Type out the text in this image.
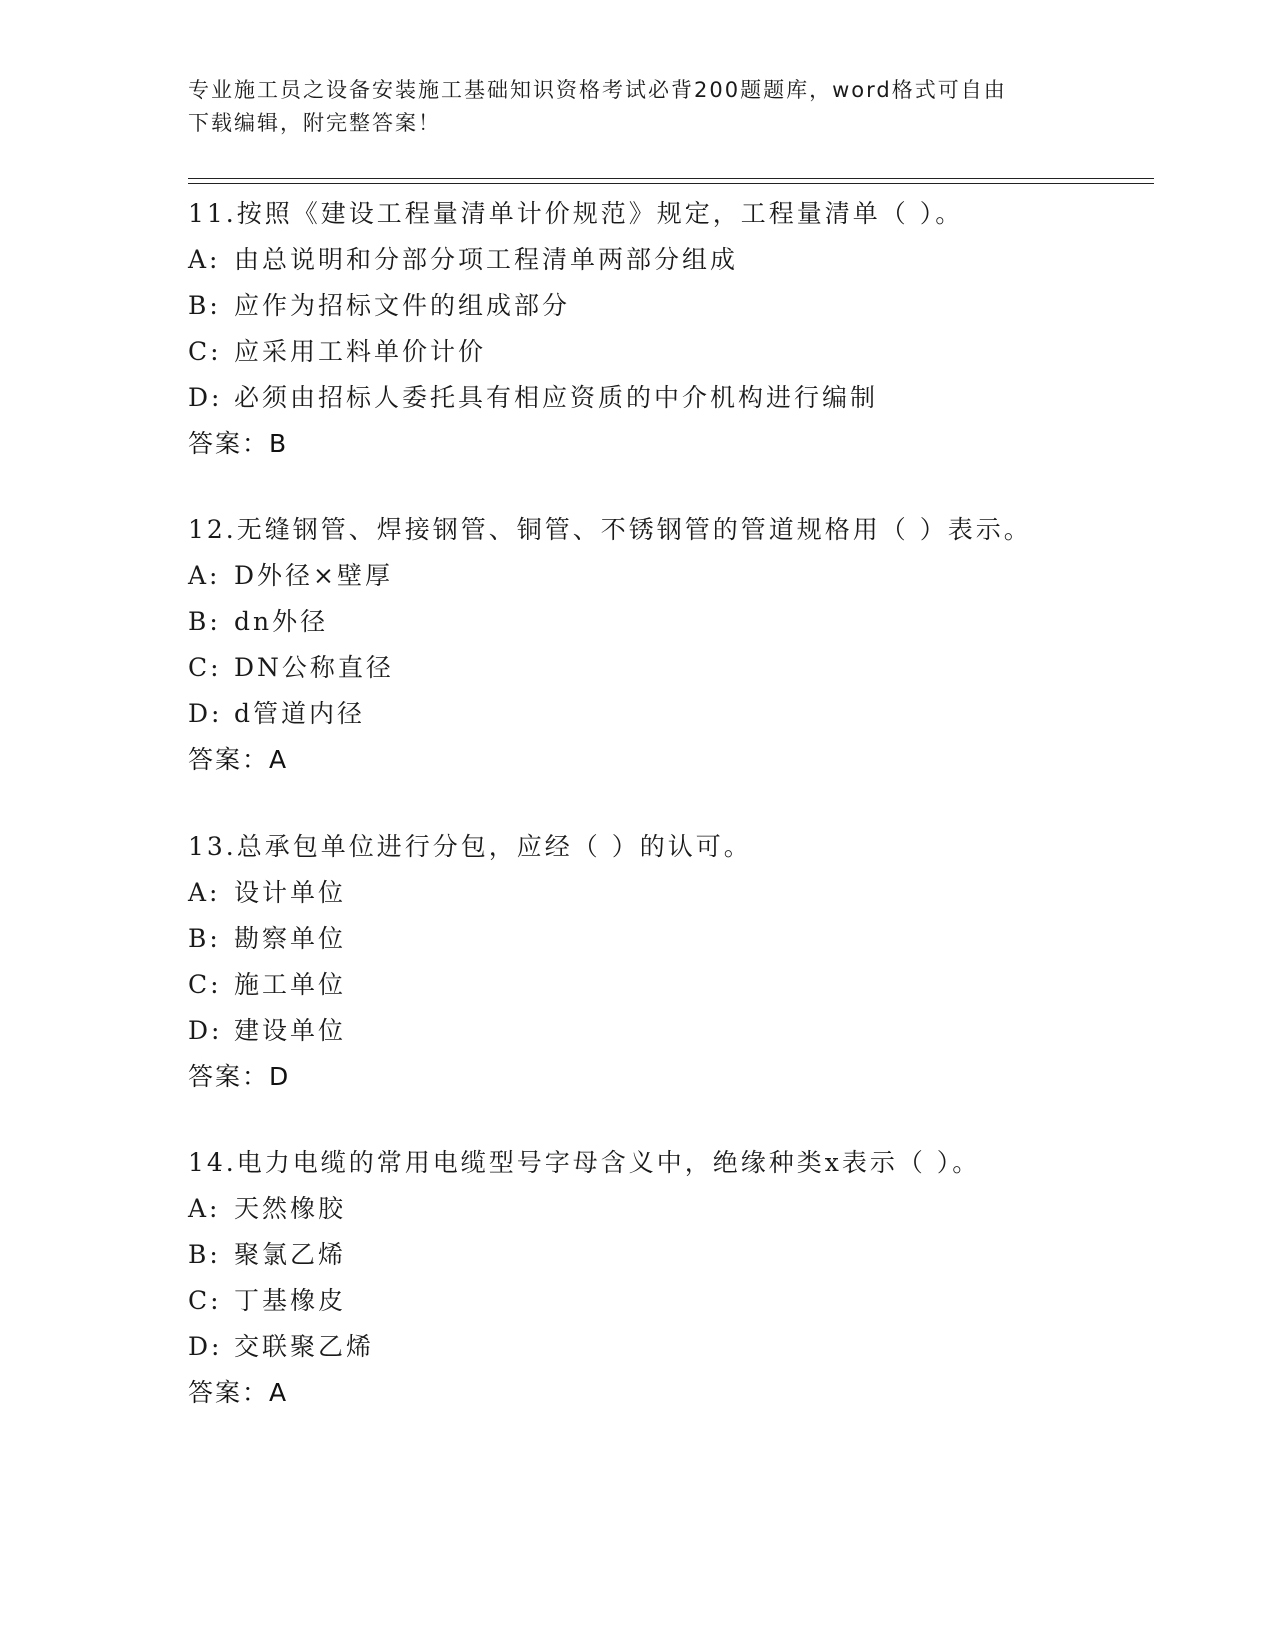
专业施工员之设备安装施工基础知识资格考试必背200题题库，word格式可自由
下载编辑，附完整答案！
11.按照《建设工程量清单计价规范》规定，工程量清单（ ）。
A: 由总说明和分部分项工程清单两部分组成
B: 应作为招标文件的组成部分
C: 应采用工料单价计价
D: 必须由招标人委托具有相应资质的中介机构进行编制
答案：B
12.无缝钢管、焊接钢管、铜管、不锈钢管的管道规格用（ ）表示。
A: D外径×壁厚
B: dn外径
C: DN公称直径
D: d管道内径
答案：A
13.总承包单位进行分包，应经（ ）的认可。
A: 设计单位
B: 勘察单位
C: 施工单位
D: 建设单位
答案：D
14.电力电缆的常用电缆型号字母含义中，绝缘种类x表示（ ）。
A: 天然橡胶
B: 聚氯乙烯
C: 丁基橡皮
D: 交联聚乙烯
答案：A
